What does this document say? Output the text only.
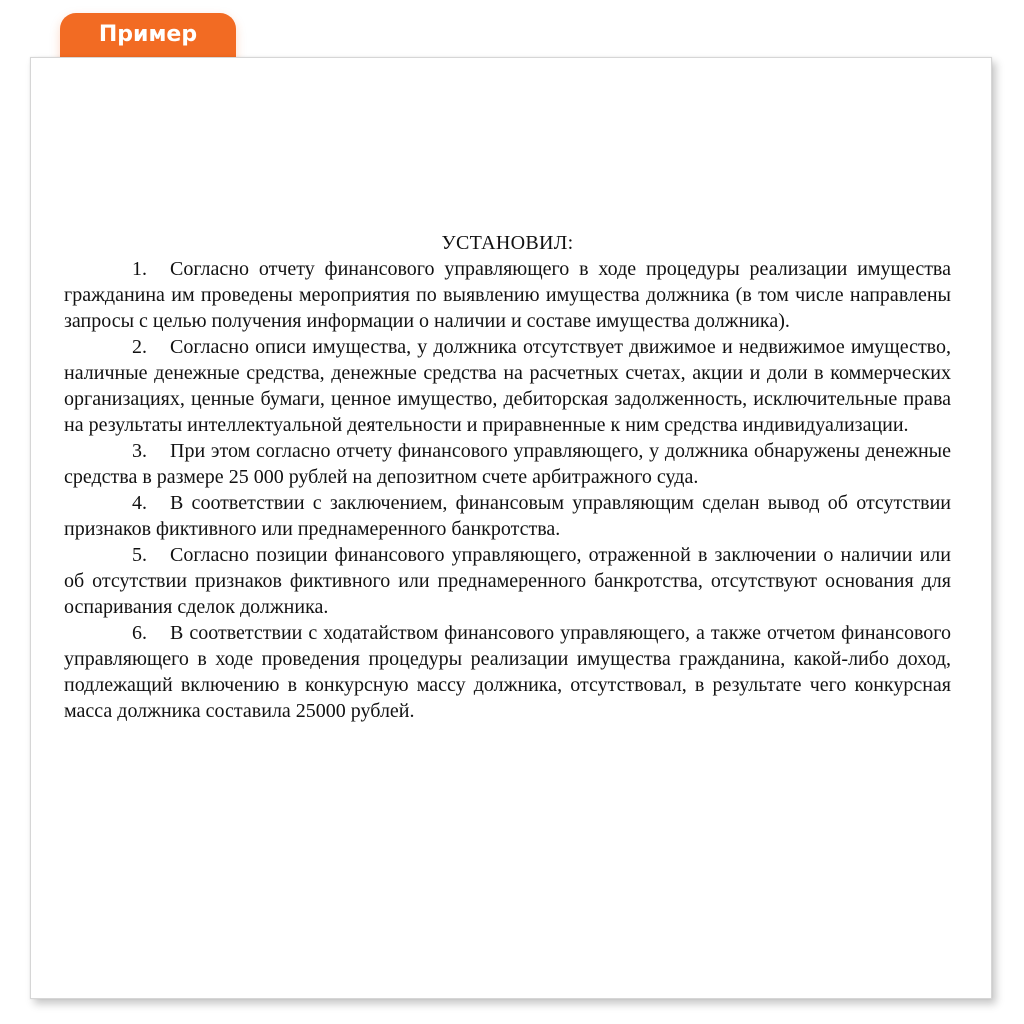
Пример

УСТАНОВИЛ:

1. Согласно отчету финансового управляющего в ходе процедуры реализации имущества гражданина им проведены мероприятия по выявлению имущества должника (в том числе направлены запросы с целью получения информации о наличии и составе имущества должника).

2. Согласно описи имущества, у должника отсутствует движимое и недвижимое имущество, наличные денежные средства, денежные средства на расчетных счетах, акции и доли в коммерческих организациях, ценные бумаги, ценное имущество, дебиторская задолженность, исключительные права на результаты интеллектуальной деятельности и приравненные к ним средства индивидуализации.

3. При этом согласно отчету финансового управляющего, у должника обнаружены денежные средства в размере 25 000 рублей на депозитном счете арбитражного суда.

4. В соответствии с заключением, финансовым управляющим сделан вывод об отсутствии признаков фиктивного или преднамеренного банкротства.

5. Согласно позиции финансового управляющего, отраженной в заключении о наличии или об отсутствии признаков фиктивного или преднамеренного банкротства, отсутствуют основания для оспаривания сделок должника.

6. В соответствии с ходатайством финансового управляющего, а также отчетом финансового управляющего в ходе проведения процедуры реализации имущества гражданина, какой-либо доход, подлежащий включению в конкурсную массу должника, отсутствовал, в результате чего конкурсная масса должника составила 25000 рублей.
